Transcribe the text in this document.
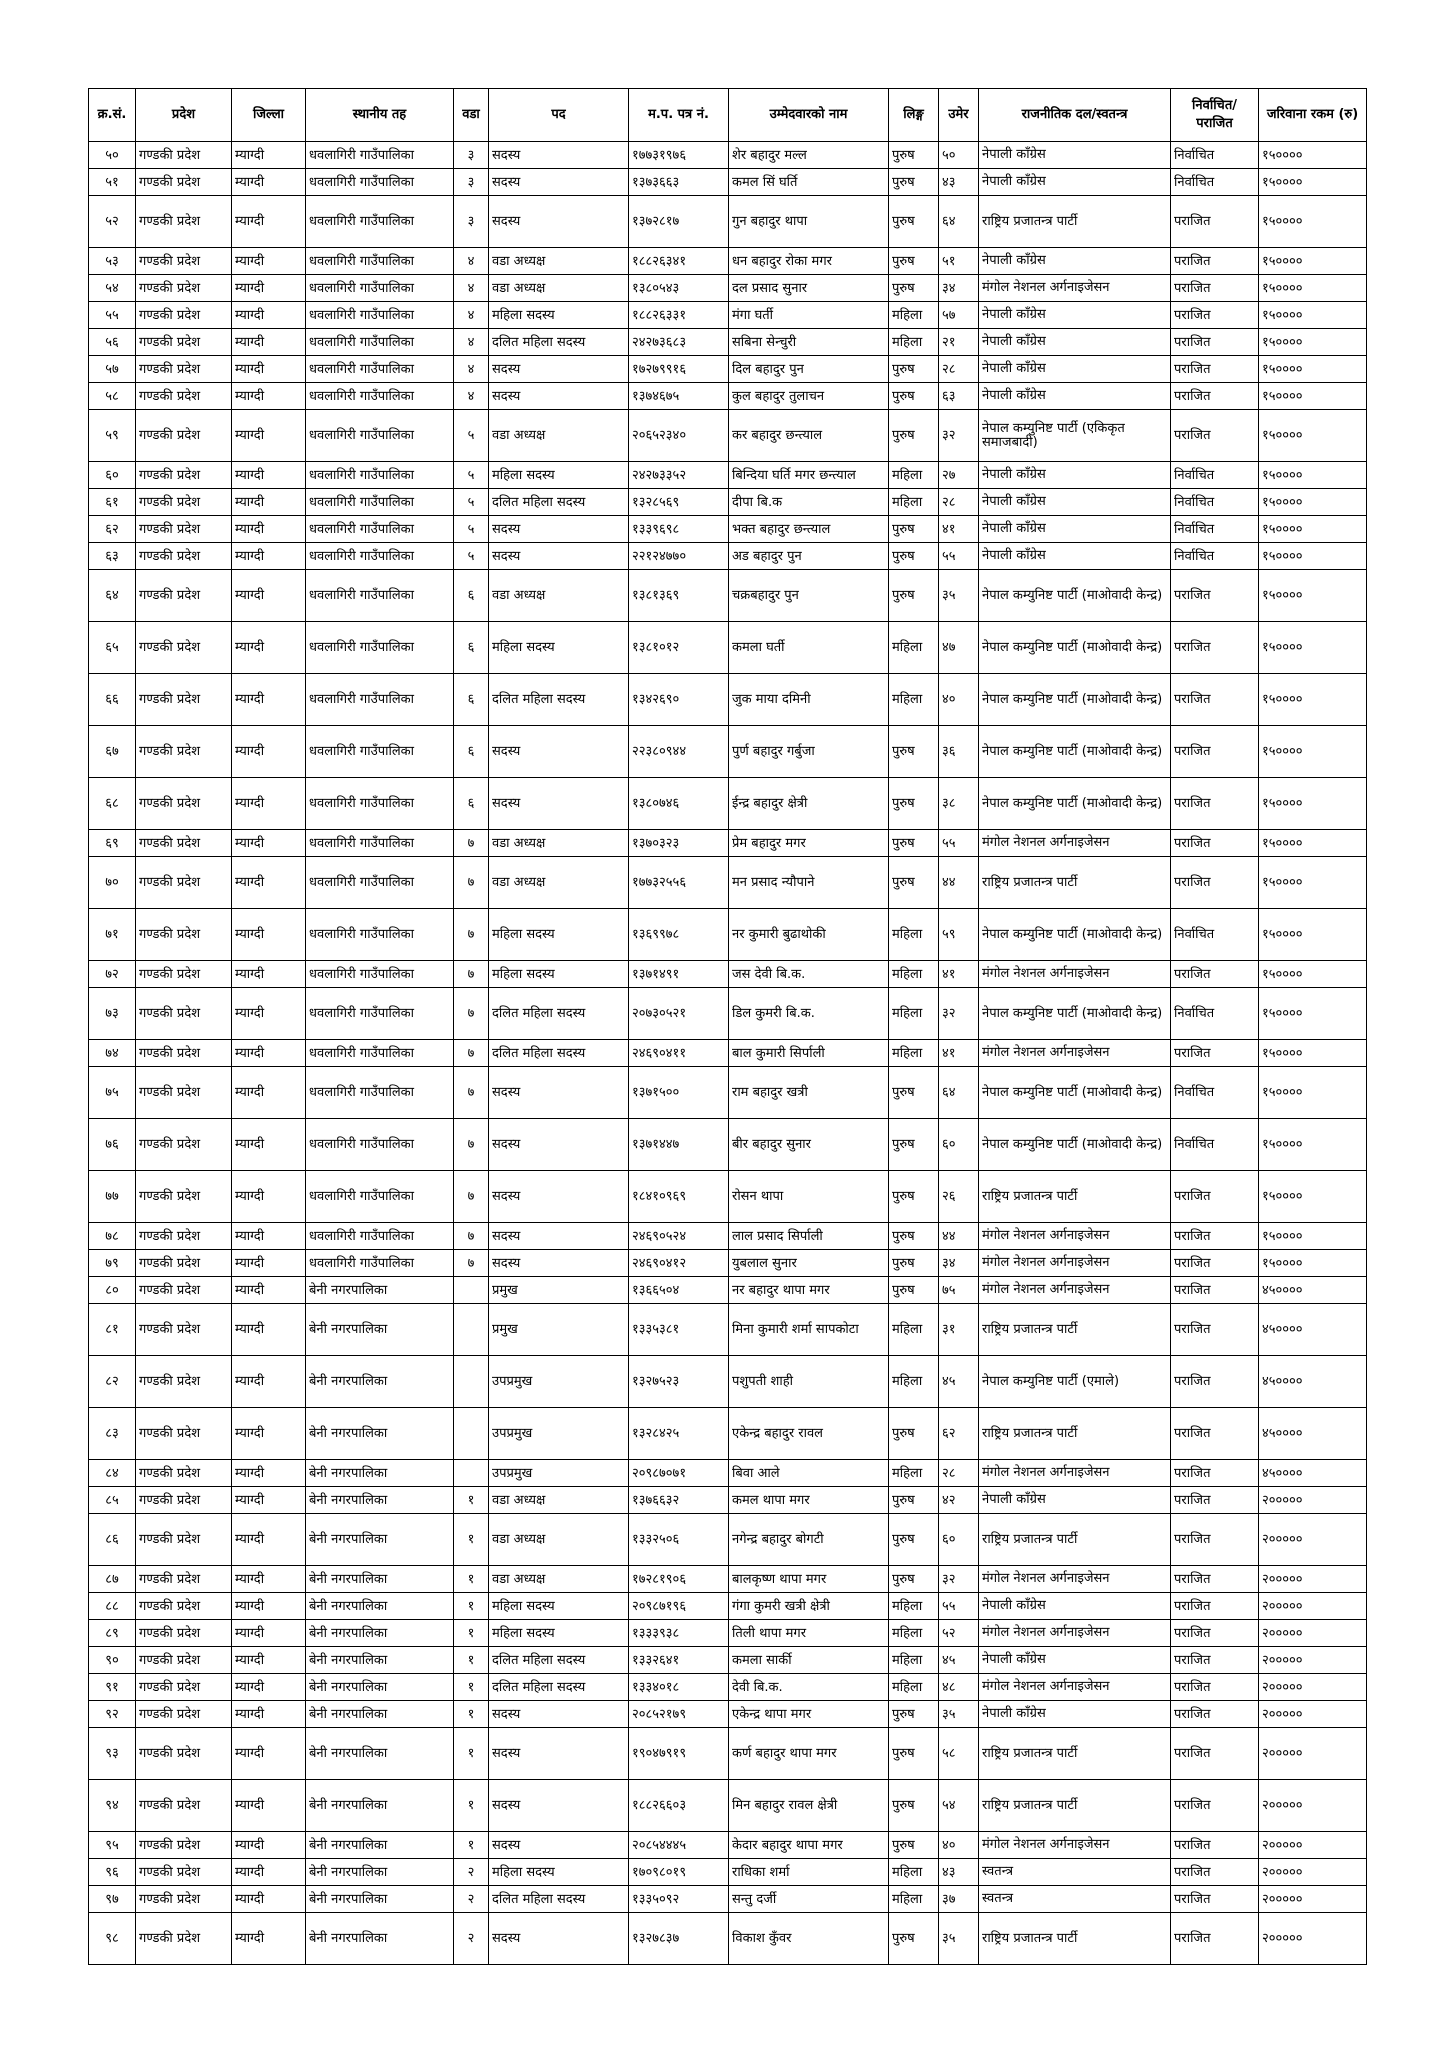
क्र.सं.	प्रदेश	जिल्ला	स्थानीय तह	वडा	पद	म.प. पत्र नं.	उम्मेदवारको नाम	लिङ्ग	उमेर	राजनीतिक दल/स्वतन्त्र	निर्वाचित/ पराजित	जरिवाना रकम (रु)
५०	गण्डकी प्रदेश	म्याग्दी	धवलागिरी गाउँपालिका	३	सदस्य	१७७३१९७६	शेर बहादुर मल्ल	पुरुष	५०	नेपाली काँग्रेस	निर्वाचित	१५००००
५१	गण्डकी प्रदेश	म्याग्दी	धवलागिरी गाउँपालिका	३	सदस्य	१३७३६६३	कमल सिं घर्ति	पुरुष	४३	नेपाली काँग्रेस	निर्वाचित	१५००००
५२	गण्डकी प्रदेश	म्याग्दी	धवलागिरी गाउँपालिका	३	सदस्य	१३७२८१७	गुन बहादुर थापा	पुरुष	६४	राष्ट्रिय प्रजातन्त्र पार्टी	पराजित	१५००००
५३	गण्डकी प्रदेश	म्याग्दी	धवलागिरी गाउँपालिका	४	वडा अध्यक्ष	१८८२६३४१	धन बहादुर रोका मगर	पुरुष	५१	नेपाली काँग्रेस	पराजित	१५००००
५४	गण्डकी प्रदेश	म्याग्दी	धवलागिरी गाउँपालिका	४	वडा अध्यक्ष	१३८०५४३	दल प्रसाद सुनार	पुरुष	३४	मंगोल नेशनल अर्गनाइजेसन	पराजित	१५००००
५५	गण्डकी प्रदेश	म्याग्दी	धवलागिरी गाउँपालिका	४	महिला सदस्य	१८८२६३३१	मंगा घर्ती	महिला	५७	नेपाली काँग्रेस	पराजित	१५००००
५६	गण्डकी प्रदेश	म्याग्दी	धवलागिरी गाउँपालिका	४	दलित महिला सदस्य	२४२७३६८३	सबिना सेन्चुरी	महिला	२१	नेपाली काँग्रेस	पराजित	१५००००
५७	गण्डकी प्रदेश	म्याग्दी	धवलागिरी गाउँपालिका	४	सदस्य	१७२७९९१६	दिल बहादुर पुन	पुरुष	२८	नेपाली काँग्रेस	पराजित	१५००००
५८	गण्डकी प्रदेश	म्याग्दी	धवलागिरी गाउँपालिका	४	सदस्य	१३७४६७५	कुल बहादुर तुलाचन	पुरुष	६३	नेपाली काँग्रेस	पराजित	१५००००
५९	गण्डकी प्रदेश	म्याग्दी	धवलागिरी गाउँपालिका	५	वडा अध्यक्ष	२०६५२३४०	कर बहादुर छन्त्याल	पुरुष	३२	नेपाल कम्युनिष्ट पार्टी (एकिकृत समाजबादी)	पराजित	१५००००
६०	गण्डकी प्रदेश	म्याग्दी	धवलागिरी गाउँपालिका	५	महिला सदस्य	२४२७३३५२	बिन्दिया घर्ति मगर छन्त्याल	महिला	२७	नेपाली काँग्रेस	निर्वाचित	१५००००
६१	गण्डकी प्रदेश	म्याग्दी	धवलागिरी गाउँपालिका	५	दलित महिला सदस्य	१३२८५६९	दीपा बि.क	महिला	२८	नेपाली काँग्रेस	निर्वाचित	१५००००
६२	गण्डकी प्रदेश	म्याग्दी	धवलागिरी गाउँपालिका	५	सदस्य	१३३९६९८	भक्त बहादुर छन्त्याल	पुरुष	४१	नेपाली काँग्रेस	निर्वाचित	१५००००
६३	गण्डकी प्रदेश	म्याग्दी	धवलागिरी गाउँपालिका	५	सदस्य	२२१२४७७०	अड बहादुर पुन	पुरुष	५५	नेपाली काँग्रेस	निर्वाचित	१५००००
६४	गण्डकी प्रदेश	म्याग्दी	धवलागिरी गाउँपालिका	६	वडा अध्यक्ष	१३८१३६९	चक्रबहादुर पुन	पुरुष	३५	नेपाल कम्युनिष्ट पार्टी (माओवादी केन्द्र)	पराजित	१५००००
६५	गण्डकी प्रदेश	म्याग्दी	धवलागिरी गाउँपालिका	६	महिला सदस्य	१३८१०१२	कमला घर्ती	महिला	४७	नेपाल कम्युनिष्ट पार्टी (माओवादी केन्द्र)	पराजित	१५००००
६६	गण्डकी प्रदेश	म्याग्दी	धवलागिरी गाउँपालिका	६	दलित महिला सदस्य	१३४२६९०	जुक माया दमिनी	महिला	४०	नेपाल कम्युनिष्ट पार्टी (माओवादी केन्द्र)	पराजित	१५००००
६७	गण्डकी प्रदेश	म्याग्दी	धवलागिरी गाउँपालिका	६	सदस्य	२२३८०९४४	पुर्ण बहादुर गर्बुजा	पुरुष	३६	नेपाल कम्युनिष्ट पार्टी (माओवादी केन्द्र)	पराजित	१५००००
६८	गण्डकी प्रदेश	म्याग्दी	धवलागिरी गाउँपालिका	६	सदस्य	१३८०७४६	ईन्द्र बहादुर क्षेत्री	पुरुष	३८	नेपाल कम्युनिष्ट पार्टी (माओवादी केन्द्र)	पराजित	१५००००
६९	गण्डकी प्रदेश	म्याग्दी	धवलागिरी गाउँपालिका	७	वडा अध्यक्ष	१३७०३२३	प्रेम बहादुर मगर	पुरुष	५५	मंगोल नेशनल अर्गनाइजेसन	पराजित	१५००००
७०	गण्डकी प्रदेश	म्याग्दी	धवलागिरी गाउँपालिका	७	वडा अध्यक्ष	१७७३२५५६	मन प्रसाद न्यौपाने	पुरुष	४४	राष्ट्रिय प्रजातन्त्र पार्टी	पराजित	१५००००
७१	गण्डकी प्रदेश	म्याग्दी	धवलागिरी गाउँपालिका	७	महिला सदस्य	१३६९९७८	नर कुमारी बुढाथोकी	महिला	५९	नेपाल कम्युनिष्ट पार्टी (माओवादी केन्द्र)	निर्वाचित	१५००००
७२	गण्डकी प्रदेश	म्याग्दी	धवलागिरी गाउँपालिका	७	महिला सदस्य	१३७१४९१	जस देवी बि.क.	महिला	४१	मंगोल नेशनल अर्गनाइजेसन	पराजित	१५००००
७३	गण्डकी प्रदेश	म्याग्दी	धवलागिरी गाउँपालिका	७	दलित महिला सदस्य	२०७३०५२१	डिल कुमरी बि.क.	महिला	३२	नेपाल कम्युनिष्ट पार्टी (माओवादी केन्द्र)	निर्वाचित	१५००००
७४	गण्डकी प्रदेश	म्याग्दी	धवलागिरी गाउँपालिका	७	दलित महिला सदस्य	२४६९०४११	बाल कुमारी सिर्पाली	महिला	४१	मंगोल नेशनल अर्गनाइजेसन	पराजित	१५००००
७५	गण्डकी प्रदेश	म्याग्दी	धवलागिरी गाउँपालिका	७	सदस्य	१३७१५००	राम बहादुर खत्री	पुरुष	६४	नेपाल कम्युनिष्ट पार्टी (माओवादी केन्द्र)	निर्वाचित	१५००००
७६	गण्डकी प्रदेश	म्याग्दी	धवलागिरी गाउँपालिका	७	सदस्य	१३७१४४७	बीर बहादुर सुनार	पुरुष	६०	नेपाल कम्युनिष्ट पार्टी (माओवादी केन्द्र)	निर्वाचित	१५००००
७७	गण्डकी प्रदेश	म्याग्दी	धवलागिरी गाउँपालिका	७	सदस्य	१८४१०९६९	रोसन थापा	पुरुष	२६	राष्ट्रिय प्रजातन्त्र पार्टी	पराजित	१५००००
७८	गण्डकी प्रदेश	म्याग्दी	धवलागिरी गाउँपालिका	७	सदस्य	२४६९०५२४	लाल प्रसाद सिर्पाली	पुरुष	४४	मंगोल नेशनल अर्गनाइजेसन	पराजित	१५००००
७९	गण्डकी प्रदेश	म्याग्दी	धवलागिरी गाउँपालिका	७	सदस्य	२४६९०४१२	युबलाल सुनार	पुरुष	३४	मंगोल नेशनल अर्गनाइजेसन	पराजित	१५००००
८०	गण्डकी प्रदेश	म्याग्दी	बेनी नगरपालिका		प्रमुख	१३६६५०४	नर बहादुर थापा मगर	पुरुष	७५	मंगोल नेशनल अर्गनाइजेसन	पराजित	४५००००
८१	गण्डकी प्रदेश	म्याग्दी	बेनी नगरपालिका		प्रमुख	१३३५३८१	मिना कुमारी शर्मा सापकोटा	महिला	३१	राष्ट्रिय प्रजातन्त्र पार्टी	पराजित	४५००००
८२	गण्डकी प्रदेश	म्याग्दी	बेनी नगरपालिका		उपप्रमुख	१३२७५२३	पशुपती शाही	महिला	४५	नेपाल कम्युनिष्ट पार्टी (एमाले)	पराजित	४५००००
८३	गण्डकी प्रदेश	म्याग्दी	बेनी नगरपालिका		उपप्रमुख	१३२८४२५	एकेन्द्र बहादुर रावल	पुरुष	६२	राष्ट्रिय प्रजातन्त्र पार्टी	पराजित	४५००००
८४	गण्डकी प्रदेश	म्याग्दी	बेनी नगरपालिका		उपप्रमुख	२०९८७०७१	बिवा आले	महिला	२८	मंगोल नेशनल अर्गनाइजेसन	पराजित	४५००००
८५	गण्डकी प्रदेश	म्याग्दी	बेनी नगरपालिका	१	वडा अध्यक्ष	१३७६६३२	कमल थापा मगर	पुरुष	४२	नेपाली काँग्रेस	पराजित	२०००००
८६	गण्डकी प्रदेश	म्याग्दी	बेनी नगरपालिका	१	वडा अध्यक्ष	१३३२५०६	नगेन्द्र बहादुर बोगटी	पुरुष	६०	राष्ट्रिय प्रजातन्त्र पार्टी	पराजित	२०००००
८७	गण्डकी प्रदेश	म्याग्दी	बेनी नगरपालिका	१	वडा अध्यक्ष	१७२८१९०६	बालकृष्ण थापा मगर	पुरुष	३२	मंगोल नेशनल अर्गनाइजेसन	पराजित	२०००००
८८	गण्डकी प्रदेश	म्याग्दी	बेनी नगरपालिका	१	महिला सदस्य	२०९८७१९६	गंगा कुमरी खत्री क्षेत्री	महिला	५५	नेपाली काँग्रेस	पराजित	२०००००
८९	गण्डकी प्रदेश	म्याग्दी	बेनी नगरपालिका	१	महिला सदस्य	१३३३९३८	तिली थापा मगर	महिला	५२	मंगोल नेशनल अर्गनाइजेसन	पराजित	२०००००
९०	गण्डकी प्रदेश	म्याग्दी	बेनी नगरपालिका	१	दलित महिला सदस्य	१३३२६४१	कमला सार्की	महिला	४५	नेपाली काँग्रेस	पराजित	२०००००
९१	गण्डकी प्रदेश	म्याग्दी	बेनी नगरपालिका	१	दलित महिला सदस्य	१३३४०१८	देवी बि.क.	महिला	४८	मंगोल नेशनल अर्गनाइजेसन	पराजित	२०००००
९२	गण्डकी प्रदेश	म्याग्दी	बेनी नगरपालिका	१	सदस्य	२०८५२१७९	एकेन्द्र थापा मगर	पुरुष	३५	नेपाली काँग्रेस	पराजित	२०००००
९३	गण्डकी प्रदेश	म्याग्दी	बेनी नगरपालिका	१	सदस्य	१९०४७९१९	कर्ण बहादुर थापा मगर	पुरुष	५८	राष्ट्रिय प्रजातन्त्र पार्टी	पराजित	२०००००
९४	गण्डकी प्रदेश	म्याग्दी	बेनी नगरपालिका	१	सदस्य	१८८२६६०३	मिन बहादुर रावल क्षेत्री	पुरुष	५४	राष्ट्रिय प्रजातन्त्र पार्टी	पराजित	२०००००
९५	गण्डकी प्रदेश	म्याग्दी	बेनी नगरपालिका	१	सदस्य	२०८५४४४५	केदार बहादुर थापा मगर	पुरुष	४०	मंगोल नेशनल अर्गनाइजेसन	पराजित	२०००००
९६	गण्डकी प्रदेश	म्याग्दी	बेनी नगरपालिका	२	महिला सदस्य	१७०९८०१९	राधिका शर्मा	महिला	४३	स्वतन्त्र	पराजित	२०००००
९७	गण्डकी प्रदेश	म्याग्दी	बेनी नगरपालिका	२	दलित महिला सदस्य	१३३५०९२	सन्तु दर्जी	महिला	३७	स्वतन्त्र	पराजित	२०००००
९८	गण्डकी प्रदेश	म्याग्दी	बेनी नगरपालिका	२	सदस्य	१३२७८३७	विकाश कुँवर	पुरुष	३५	राष्ट्रिय प्रजातन्त्र पार्टी	पराजित	२०००००
